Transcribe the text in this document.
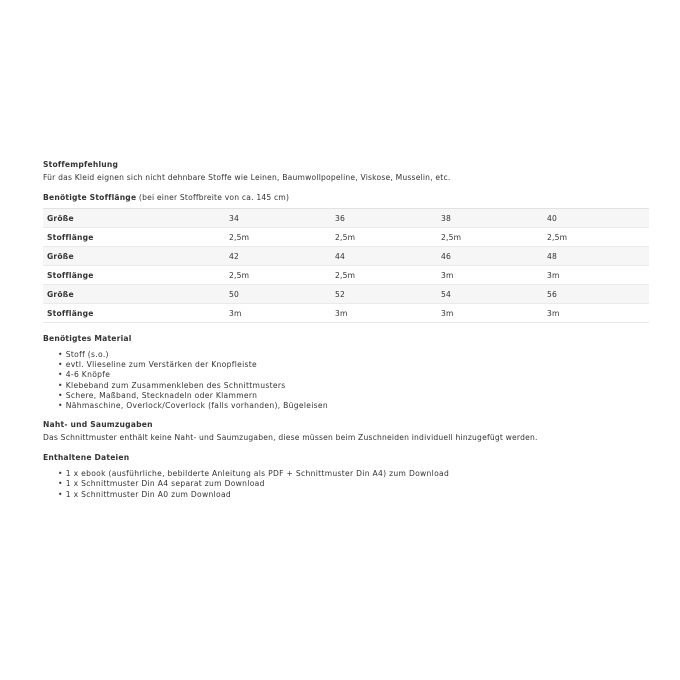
Stoffempfehlung

Für das Kleid eignen sich nicht dehnbare Stoffe wie Leinen, Baumwollpopeline, Viskose, Musselin, etc.

Benötigte Stofflänge (bei einer Stoffbreite von ca. 145 cm)
Größe	34	36	38	40
Stofflänge	2,5m	2,5m	2,5m	2,5m
Größe	42	44	46	48
Stofflänge	2,5m	2,5m	3m	3m
Größe	50	52	54	56
Stofflänge	3m	3m	3m	3m
Benötigtes Material
• Stoff (s.o.)
• evtl. Vlieseline zum Verstärken der Knopfleiste
• 4-6 Knöpfe
• Klebeband zum Zusammenkleben des Schnittmusters
• Schere, Maßband, Stecknadeln oder Klammern
• Nähmaschine, Overlock/Coverlock (falls vorhanden), Bügeleisen
Naht- und Saumzugaben

Das Schnittmuster enthält keine Naht- und Saumzugaben, diese müssen beim Zuschneiden individuell hinzugefügt werden.

Enthaltene Dateien
• 1 x ebook (ausführliche, bebilderte Anleitung als PDF + Schnittmuster Din A4) zum Download
• 1 x Schnittmuster Din A4 separat zum Download
• 1 x Schnittmuster Din A0 zum Download
